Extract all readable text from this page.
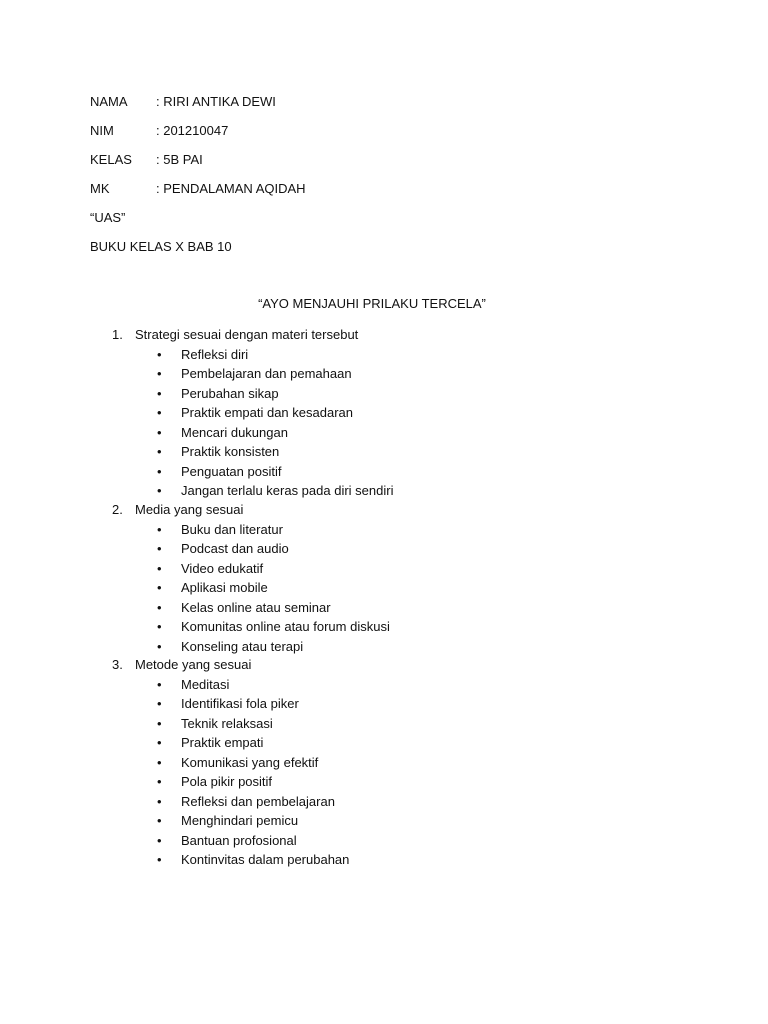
NAMA : RIRI ANTIKA DEWI
NIM	: 201210047
KELAS : 5B PAI
MK	: PENDALAMAN AQIDAH
“UAS”
BUKU KELAS X BAB 10
“AYO MENJAUHI PRILAKU TERCELA”
1. Strategi sesuai dengan materi tersebut
• Refleksi diri
• Pembelajaran dan pemahaan
• Perubahan sikap
• Praktik empati dan kesadaran
• Mencari dukungan
• Praktik konsisten
• Penguatan positif
• Jangan terlalu keras pada diri sendiri
2. Media yang sesuai
• Buku dan literatur
• Podcast dan audio
• Video edukatif
• Aplikasi mobile
• Kelas online atau seminar
• Komunitas online atau forum diskusi
• Konseling atau terapi
3. Metode yang sesuai
• Meditasi
• Identifikasi fola piker
• Teknik relaksasi
• Praktik empati
• Komunikasi yang efektif
• Pola pikir positif
• Refleksi dan pembelajaran
• Menghindari pemicu
• Bantuan profosional
• Kontinvitas dalam perubahan
